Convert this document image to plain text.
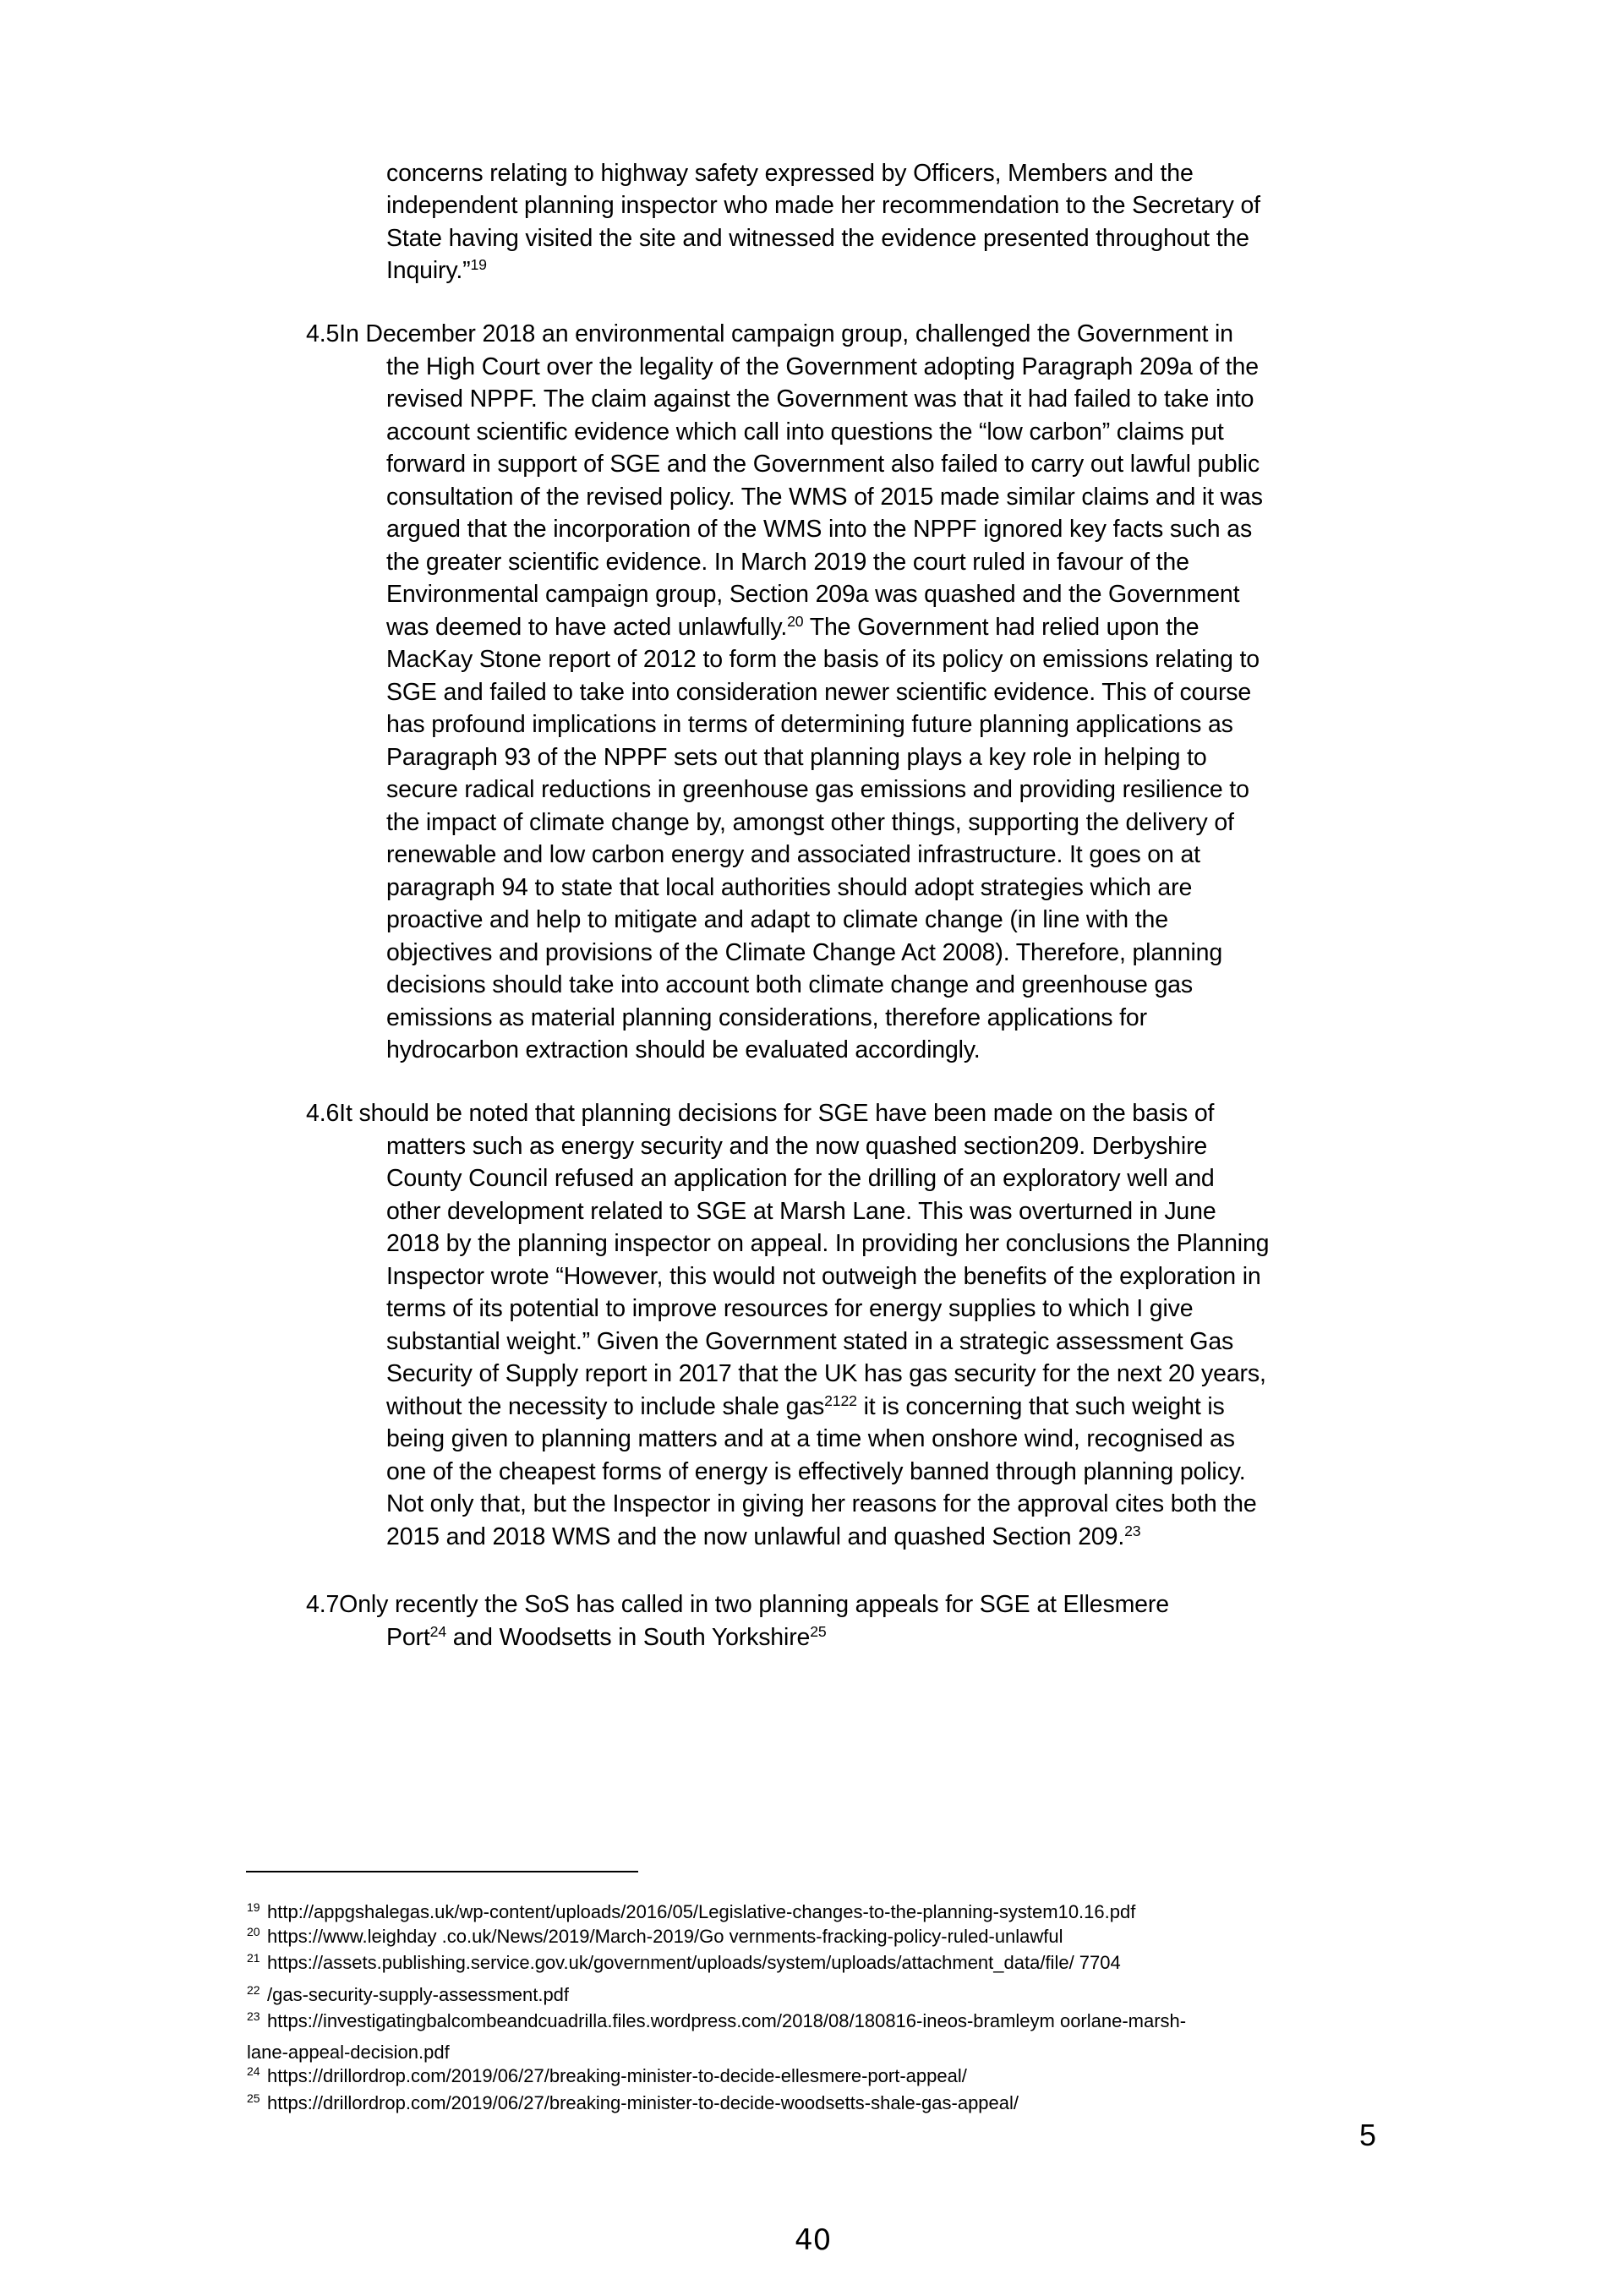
concerns relating to highway safety expressed by Officers, Members and the
independent planning inspector who made her recommendation to the Secretary of
State having visited the site and witnessed the evidence presented throughout the
Inquiry.”$^{19}$
4.5In December 2018 an environmental campaign group, challenged the Government in
the High Court over the legality of the Government adopting Paragraph 209a of the
revised NPPF. The claim against the Government was that it had failed to take into
account scientific evidence which call into questions the “low carbon” claims put
forward in support of SGE and the Government also failed to carry out lawful public
consultation of the revised policy. The WMS of 2015 made similar claims and it was
argued that the incorporation of the WMS into the NPPF ignored key facts such as
the greater scientific evidence. In March 2019 the court ruled in favour of the
Environmental campaign group, Section 209a was quashed and the Government
was deemed to have acted unlawfully.$^{20}$ The Government had relied upon the
MacKay Stone report of 2012 to form the basis of its policy on emissions relating to
SGE and failed to take into consideration newer scientific evidence. This of course
has profound implications in terms of determining future planning applications as
Paragraph 93 of the NPPF sets out that planning plays a key role in helping to
secure radical reductions in greenhouse gas emissions and providing resilience to
the impact of climate change by, amongst other things, supporting the delivery of
renewable and low carbon energy and associated infrastructure. It goes on at
paragraph 94 to state that local authorities should adopt strategies which are
proactive and help to mitigate and adapt to climate change (in line with the
objectives and provisions of the Climate Change Act 2008). Therefore, planning
decisions should take into account both climate change and greenhouse gas
emissions as material planning considerations, therefore applications for
hydrocarbon extraction should be evaluated accordingly.
4.6It should be noted that planning decisions for SGE have been made on the basis of
matters such as energy security and the now quashed section209. Derbyshire
County Council refused an application for the drilling of an exploratory well and
other development related to SGE at Marsh Lane. This was overturned in June
2018 by the planning inspector on appeal. In providing her conclusions the Planning
Inspector wrote “However, this would not outweigh the benefits of the exploration in
terms of its potential to improve resources for energy supplies to which I give
substantial weight.” Given the Government stated in a strategic assessment Gas
Security of Supply report in 2017 that the UK has gas security for the next 20 years,
without the necessity to include shale gas$^{2122}$ it is concerning that such weight is
being given to planning matters and at a time when onshore wind, recognised as
one of the cheapest forms of energy is effectively banned through planning policy.
Not only that, but the Inspector in giving her reasons for the approval cites both the
2015 and 2018 WMS and the now unlawful and quashed Section 209.23
4.7Only recently the SoS has called in two planning appeals for SGE at Ellesmere
Port$^{24}$ and Woodsetts in South Yorkshire$^{25}$
19 http://appgshalegas.uk/wp-content/uploads/2016/05/Legislative-changes-to-the-planning-system10.16.pdf
20 https://www.leighday .co.uk/News/2019/March-2019/Go vernments-fracking-policy-ruled-unlawful
21 https://assets.publishing.service.gov.uk/government/uploads/system/uploads/attachment_data/file/ 7704
22 /gas-security-supply-assessment.pdf
23 https://investigatingbalcombeandcuadrilla.files.wordpress.com/2018/08/180816-ineos-bramleym oorlane-marsh-
lane-appeal-decision.pdf
24 https://drillordrop.com/2019/06/27/breaking-minister-to-decide-ellesmere-port-appeal/
25 https://drillordrop.com/2019/06/27/breaking-minister-to-decide-woodsetts-shale-gas-appeal/
5
40
